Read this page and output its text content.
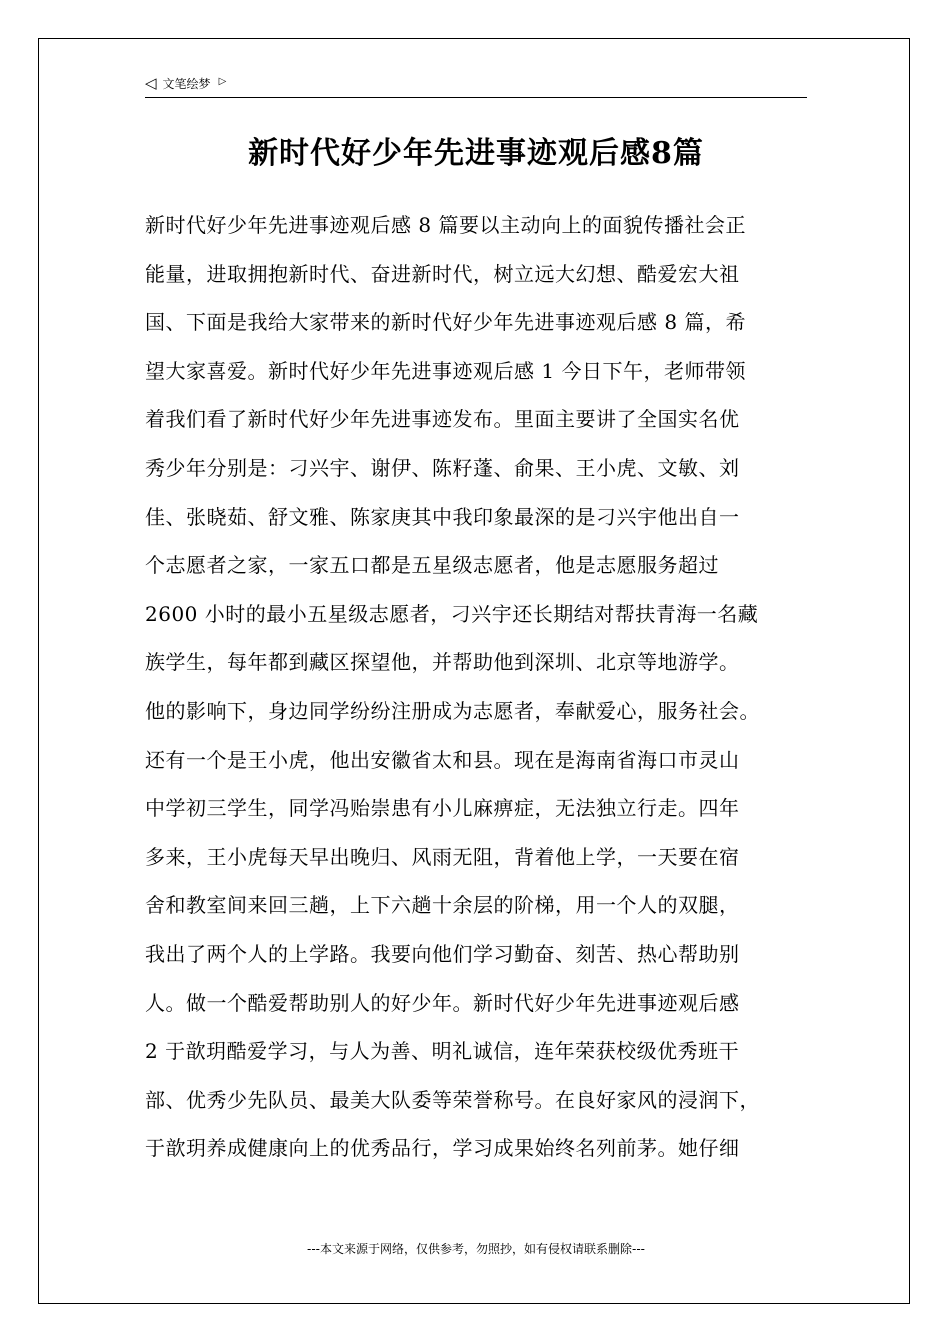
◁ 文笔绘梦 ▷
新时代好少年先进事迹观后感8篇
新时代好少年先进事迹观后感 8 篇要以主动向上的面貌传播社会正
能量，进取拥抱新时代、奋进新时代，树立远大幻想、酷爱宏大祖
国、下面是我给大家带来的新时代好少年先进事迹观后感 8 篇，希
望大家喜爱。新时代好少年先进事迹观后感 1 今日下午，老师带领
着我们看了新时代好少年先进事迹发布。里面主要讲了全国实名优
秀少年分别是：刁兴宇、谢伊、陈籽蓬、俞果、王小虎、文敏、刘
佳、张晓茹、舒文雅、陈家庚其中我印象最深的是刁兴宇他出自一
个志愿者之家，一家五口都是五星级志愿者，他是志愿服务超过
2600 小时的最小五星级志愿者，刁兴宇还长期结对帮扶青海一名藏
族学生，每年都到藏区探望他，并帮助他到深圳、北京等地游学。
他的影响下，身边同学纷纷注册成为志愿者，奉献爱心，服务社会。
还有一个是王小虎，他出安徽省太和县。现在是海南省海口市灵山
中学初三学生，同学冯贻崇患有小儿麻痹症，无法独立行走。四年
多来，王小虎每天早出晚归、风雨无阻，背着他上学，一天要在宿
舍和教室间来回三趟，上下六趟十余层的阶梯，用一个人的双腿，
我出了两个人的上学路。我要向他们学习勤奋、刻苦、热心帮助别
人。做一个酷爱帮助别人的好少年。新时代好少年先进事迹观后感
2 于歆玥酷爱学习，与人为善、明礼诚信，连年荣获校级优秀班干
部、优秀少先队员、最美大队委等荣誉称号。在良好家风的浸润下，
于歆玥养成健康向上的优秀品行，学习成果始终名列前茅。她仔细
---本文来源于网络，仅供参考，勿照抄，如有侵权请联系删除---
